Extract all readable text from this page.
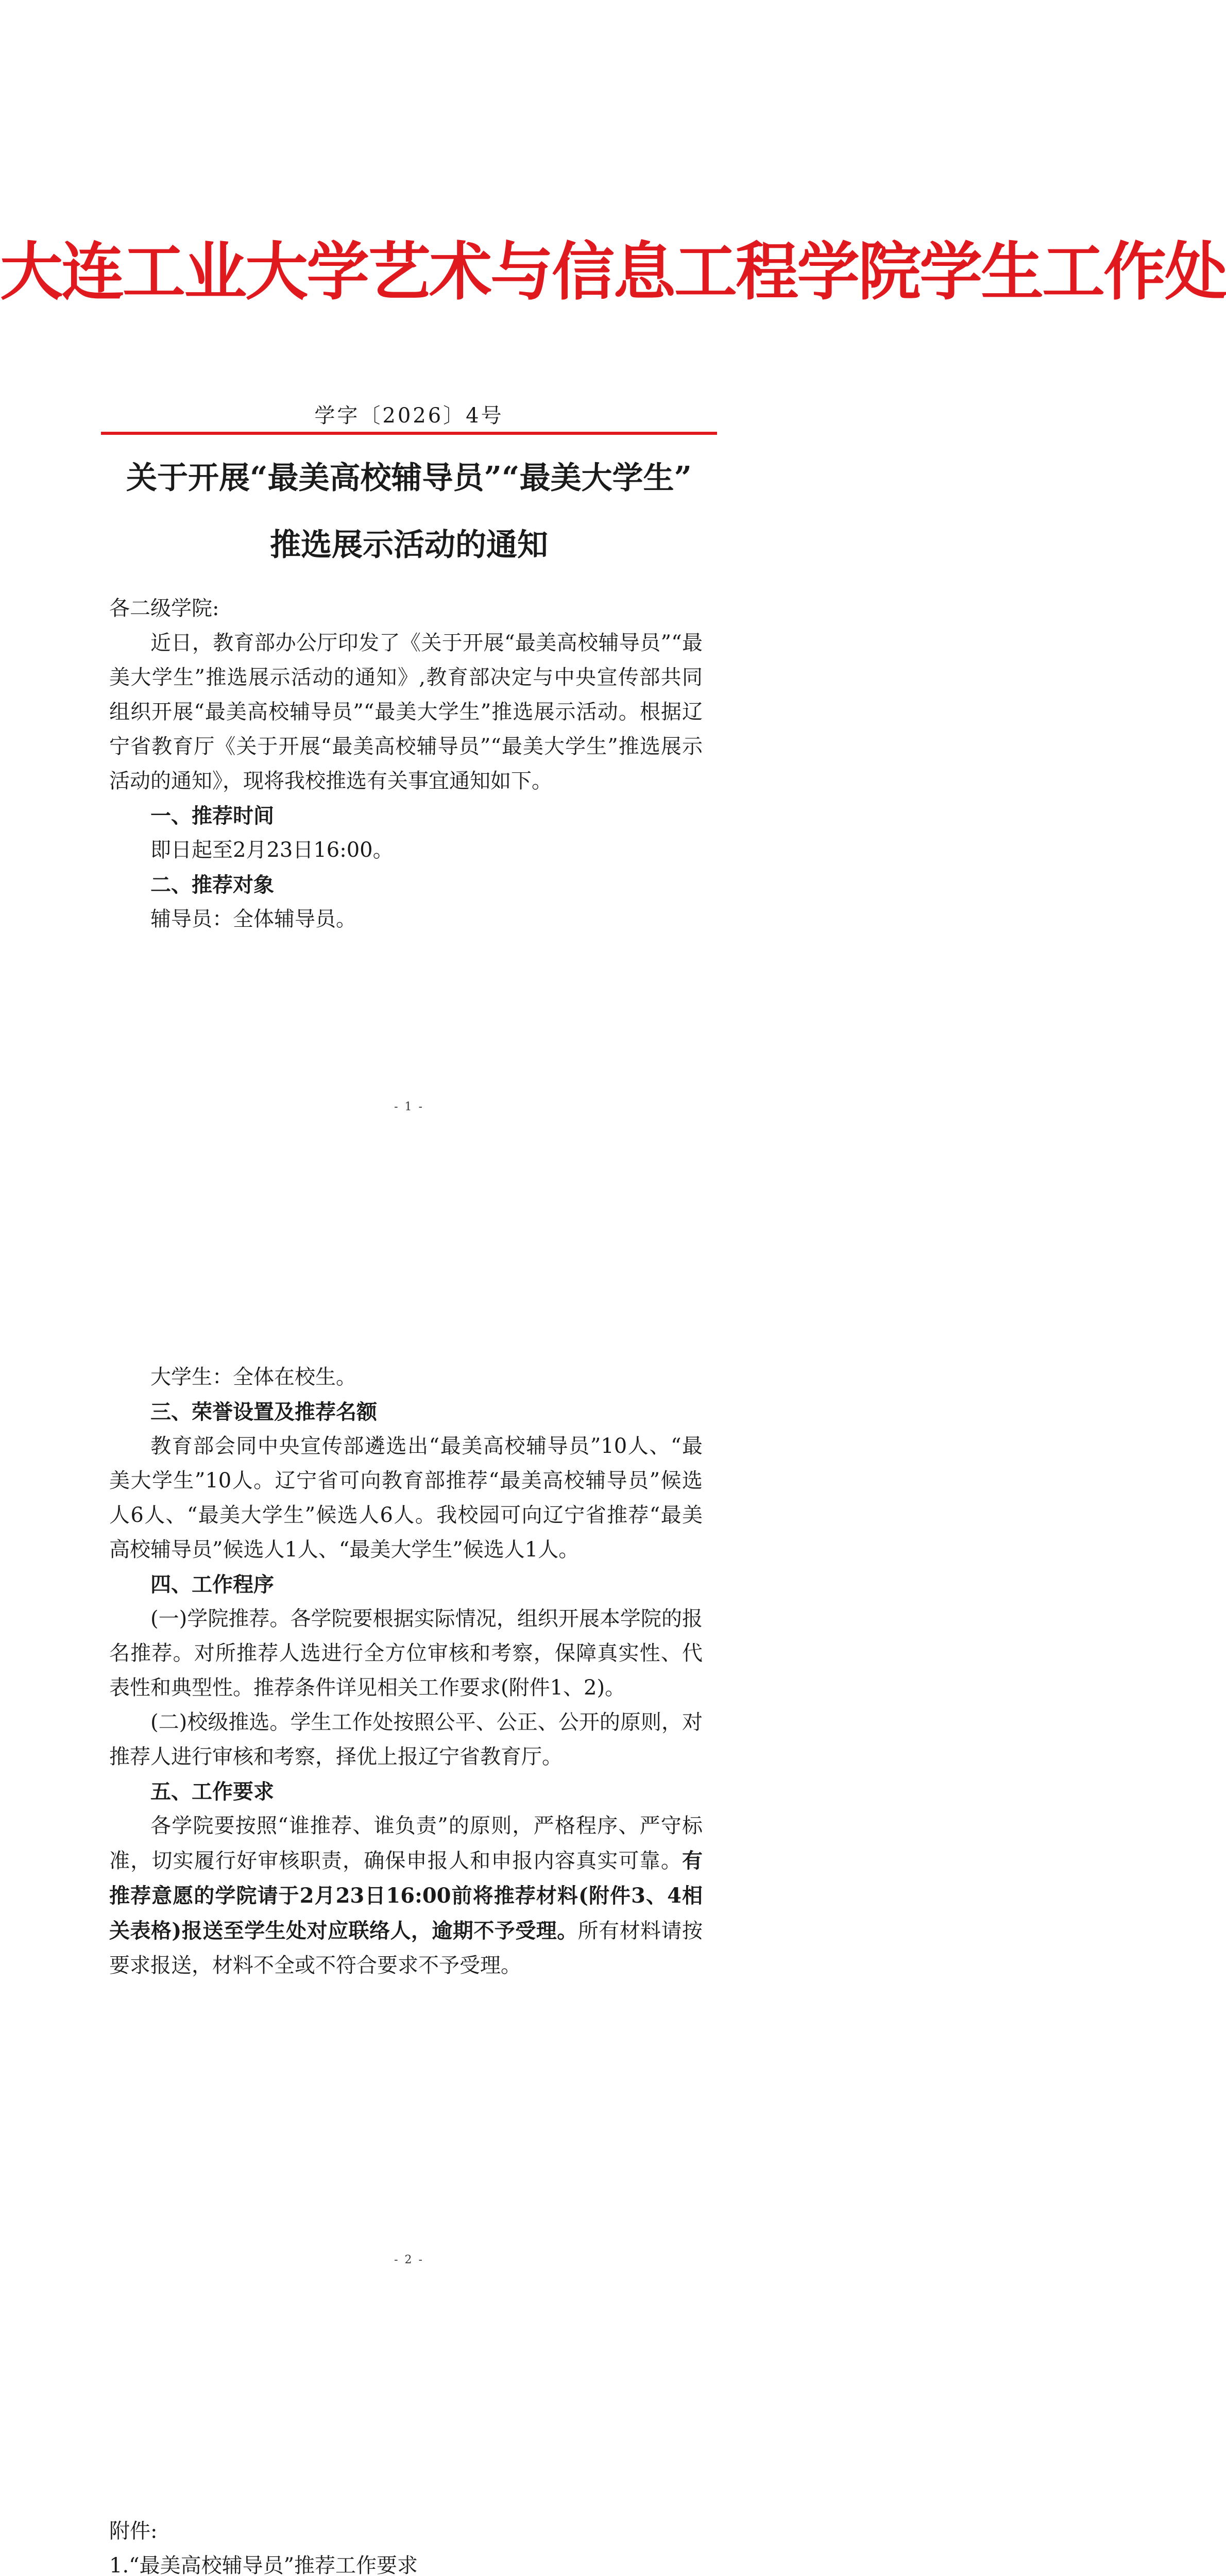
大连工业大学艺术与信息工程学院学生工作处
学字〔2026〕4号
关于开展“最美高校辅导员”“最美大学生”
推选展示活动的通知

各二级学院:

近日，教育部办公厅印发了《关于开展“最美高校辅导员”“最美大学生”推选展示活动的通知》,教育部决定与中央宣传部共同组织开展“最美高校辅导员”“最美大学生”推选展示活动。根据辽宁省教育厅《关于开展“最美高校辅导员”“最美大学生”推选展示活动的通知》，现将我校推选有关事宜通知如下。

一、推荐时间

即日起至2月23日16:00。

二、推荐对象

辅导员：全体辅导员。

- 1 -

大学生：全体在校生。

三、荣誉设置及推荐名额

教育部会同中央宣传部遴选出“最美高校辅导员”10人、“最美大学生”10人。辽宁省可向教育部推荐“最美高校辅导员”候选人6人、“最美大学生”候选人6人。我校园可向辽宁省推荐“最美高校辅导员”候选人1人、“最美大学生”候选人1人。

四、工作程序

(一)学院推荐。各学院要根据实际情况，组织开展本学院的报名推荐。对所推荐人选进行全方位审核和考察，保障真实性、代表性和典型性。推荐条件详见相关工作要求(附件1、2)。

(二)校级推选。学生工作处按照公平、公正、公开的原则，对推荐人进行审核和考察，择优上报辽宁省教育厅。

五、工作要求

各学院要按照“谁推荐、谁负责”的原则，严格程序、严守标准，切实履行好审核职责，确保申报人和申报内容真实可靠。有推荐意愿的学院请于2月23日16:00前将推荐材料(附件3、4相关表格)报送至学生处对应联络人，逾期不予受理。所有材料请按要求报送，材料不全或不符合要求不予受理。

- 2 -

附件:

1.“最美高校辅导员”推荐工作要求
